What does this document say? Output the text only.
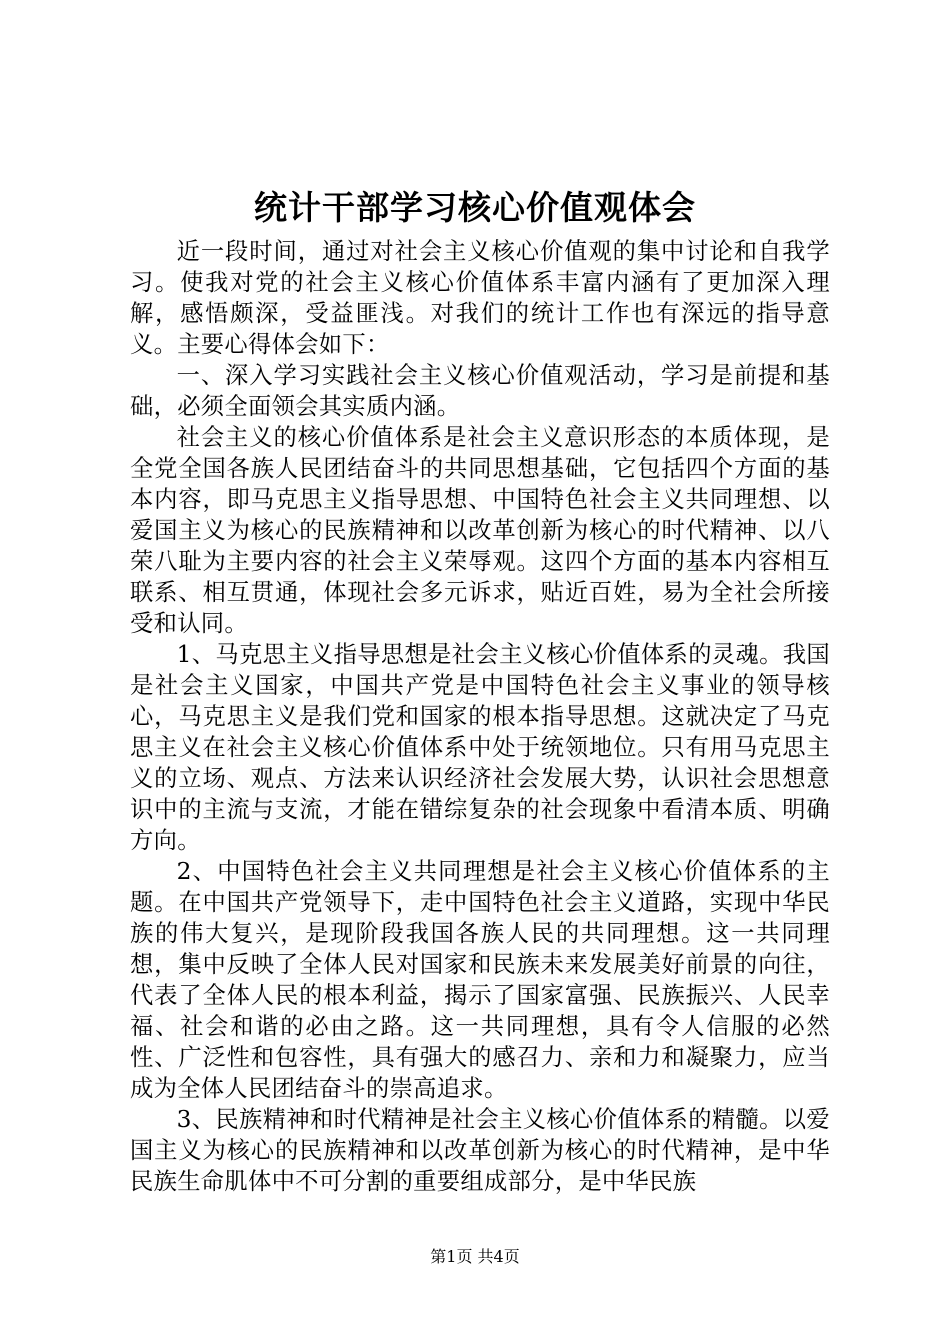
统计干部学习核心价值观体会

近一段时间，通过对社会主义核心价值观的集中讨论和自我学习。使我对党的社会主义核心价值体系丰富内涵有了更加深入理解，感悟颇深，受益匪浅。对我们的统计工作也有深远的指导意义。主要心得体会如下：

一、深入学习实践社会主义核心价值观活动，学习是前提和基础，必须全面领会其实质内涵。

社会主义的核心价值体系是社会主义意识形态的本质体现，是全党全国各族人民团结奋斗的共同思想基础，它包括四个方面的基本内容，即马克思主义指导思想、中国特色社会主义共同理想、以爱国主义为核心的民族精神和以改革创新为核心的时代精神、以八荣八耻为主要内容的社会主义荣辱观。这四个方面的基本内容相互联系、相互贯通，体现社会多元诉求，贴近百姓，易为全社会所接受和认同。

1、马克思主义指导思想是社会主义核心价值体系的灵魂。我国是社会主义国家，中国共产党是中国特色社会主义事业的领导核心，马克思主义是我们党和国家的根本指导思想。这就决定了马克思主义在社会主义核心价值体系中处于统领地位。只有用马克思主义的立场、观点、方法来认识经济社会发展大势，认识社会思想意识中的主流与支流，才能在错综复杂的社会现象中看清本质、明确方向。

2、中国特色社会主义共同理想是社会主义核心价值体系的主题。在中国共产党领导下，走中国特色社会主义道路，实现中华民族的伟大复兴，是现阶段我国各族人民的共同理想。这一共同理想，集中反映了全体人民对国家和民族未来发展美好前景的向往，代表了全体人民的根本利益，揭示了国家富强、民族振兴、人民幸福、社会和谐的必由之路。这一共同理想，具有令人信服的必然性、广泛性和包容性，具有强大的感召力、亲和力和凝聚力，应当成为全体人民团结奋斗的崇高追求。

3、民族精神和时代精神是社会主义核心价值体系的精髓。以爱国主义为核心的民族精神和以改革创新为核心的时代精神，是中华民族生命肌体中不可分割的重要组成部分，是中华民族

第1页 共4页
